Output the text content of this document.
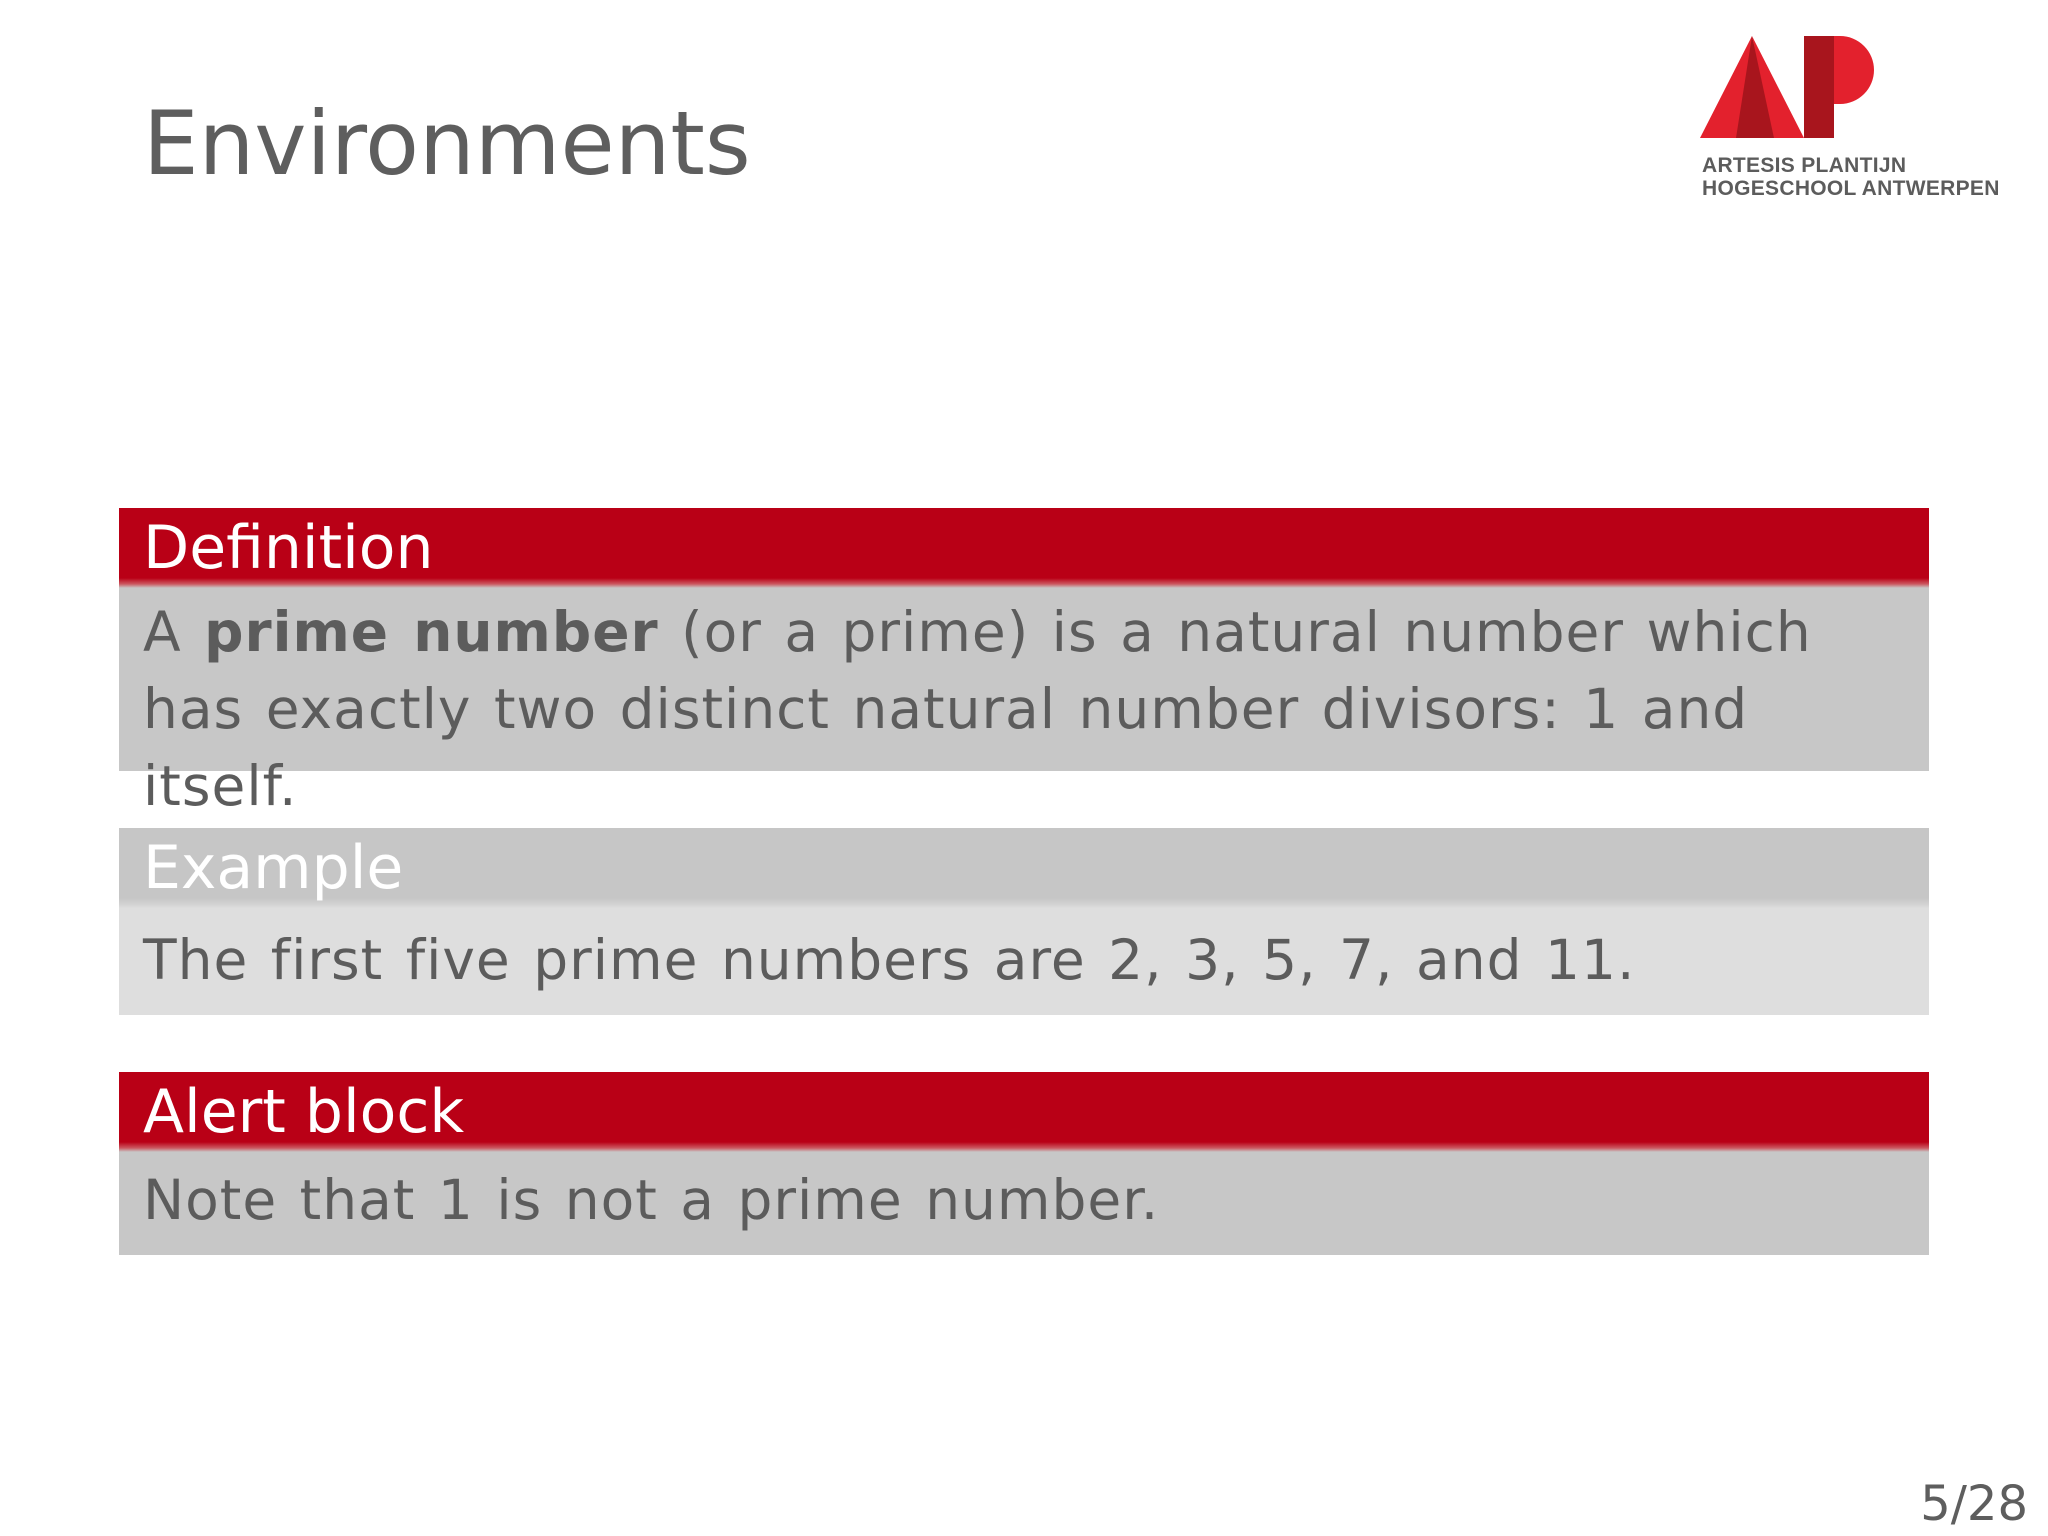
Environments	ARTESIS PLANTIJN
HOGESCHOOL ANTWERPEN
Definition
A prime number (or a prime) is a natural number which has exactly two distinct natural number divisors: 1 and itself.
Example
The first five prime numbers are 2, 3, 5, 7, and 11.
Alert block
Note that 1 is not a prime number.
5/28
